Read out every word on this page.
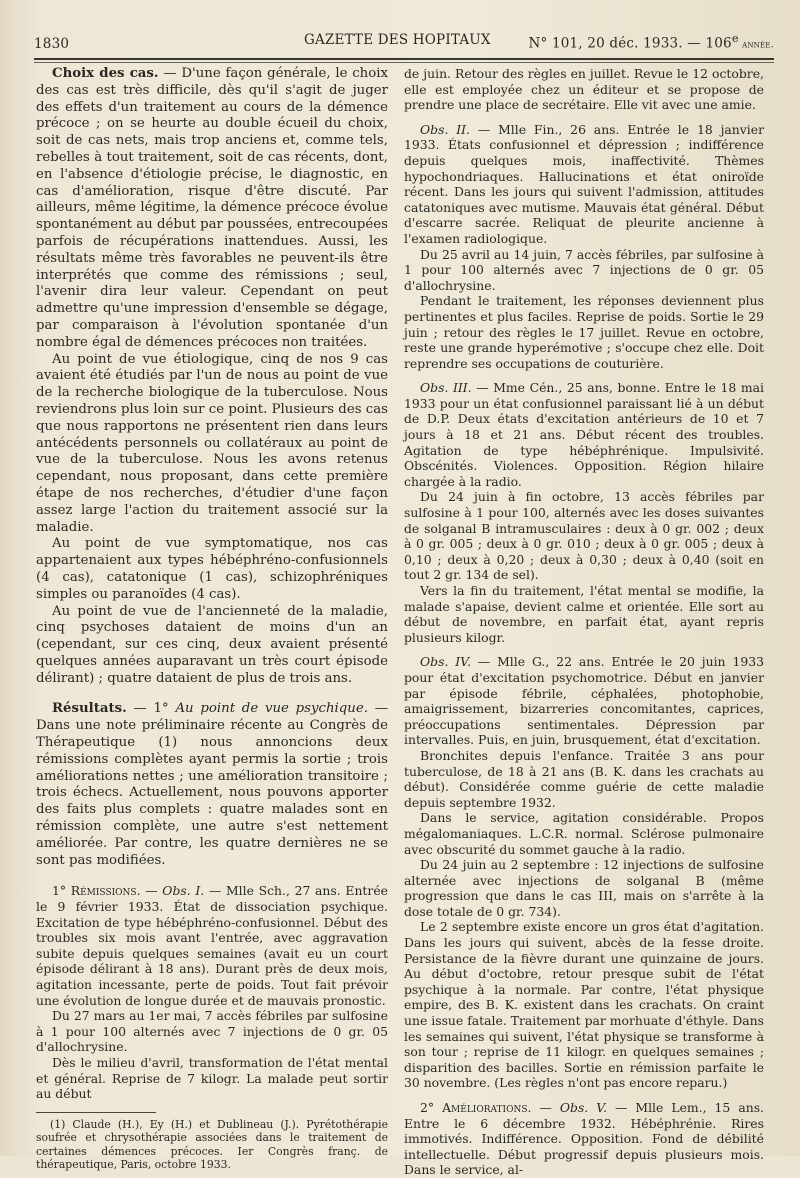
1830	GAZETTE DES HOPITAUX	N° 101, 20 déc. 1933. — 106e année.

Choix des cas. — D'une façon générale, le choix des cas est très difficile, dès qu'il s'agit de juger des effets d'un traitement au cours de la démence précoce ; on se heurte au double écueil du choix, soit de cas nets, mais trop anciens et, comme tels, rebelles à tout traitement, soit de cas récents, dont, en l'absence d'étiologie précise, le diagnostic, en cas d'amélioration, risque d'être discuté. Par ailleurs, même légitime, la démence précoce évolue spontanément au début par poussées, entrecoupées parfois de récupérations inattendues. Aussi, les résultats même très favorables ne peuvent-ils être interprétés que comme des rémissions ; seul, l'avenir dira leur valeur. Cependant on peut admettre qu'une impression d'ensemble se dégage, par comparaison à l'évolution spontanée d'un nombre égal de démences précoces non traitées.

Au point de vue étiologique, cinq de nos 9 cas avaient été étudiés par l'un de nous au point de vue de la recherche biologique de la tuberculose. Nous reviendrons plus loin sur ce point. Plusieurs des cas que nous rapportons ne présentent rien dans leurs antécédents personnels ou collatéraux au point de vue de la tuberculose. Nous les avons retenus cependant, nous proposant, dans cette première étape de nos recherches, d'étudier d'une façon assez large l'action du traitement associé sur la maladie.

Au point de vue symptomatique, nos cas appartenaient aux types hébéphréno-confusionnels (4 cas), catatonique (1 cas), schizophréniques simples ou paranoïdes (4 cas).

Au point de vue de l'ancienneté de la maladie, cinq psychoses dataient de moins d'un an (cependant, sur ces cinq, deux avaient présenté quelques années auparavant un très court épisode délirant) ; quatre dataient de plus de trois ans.

Résultats. — 1° Au point de vue psychique. — Dans une note préliminaire récente au Congrès de Thérapeutique (1) nous annoncions deux rémissions complètes ayant permis la sortie ; trois améliorations nettes ; une amélioration transitoire ; trois échecs. Actuellement, nous pouvons apporter des faits plus complets : quatre malades sont en rémission complète, une autre s'est nettement améliorée. Par contre, les quatre dernières ne se sont pas modifiées.

1° Rémissions. — Obs. I. — Mlle Sch., 27 ans. Entrée le 9 février 1933. État de dissociation psychique. Excitation de type hébéphréno-confusionnel. Début des troubles six mois avant l'entrée, avec aggravation subite depuis quelques semaines (avait eu un court épisode délirant à 18 ans). Durant près de deux mois, agitation incessante, perte de poids. Tout fait prévoir une évolution de longue durée et de mauvais pronostic.

Du 27 mars au 1er mai, 7 accès fébriles par sulfosine à 1 pour 100 alternés avec 7 injections de 0 gr. 05 d'allochrysine.

Dès le milieu d'avril, transformation de l'état mental et général. Reprise de 7 kilogr. La malade peut sortir au début

(1) Claude (H.), Ey (H.) et Dublineau (J.). Pyrétothérapie soufrée et chrysothérapie associées dans le traitement de certaines démences précoces. Ier Congrès franç. de thérapeutique, Paris, octobre 1933.

de juin. Retour des règles en juillet. Revue le 12 octobre, elle est employée chez un éditeur et se propose de prendre une place de secrétaire. Elle vit avec une amie.

Obs. II. — Mlle Fin., 26 ans. Entrée le 18 janvier 1933. États confusionnel et dépression ; indifférence depuis quelques mois, inaffectivité. Thèmes hypochondriaques. Hallucinations et état oniroïde récent. Dans les jours qui suivent l'admission, attitudes catatoniques avec mutisme. Mauvais état général. Début d'escarre sacrée. Reliquat de pleurite ancienne à l'examen radiologique.

Du 25 avril au 14 juin, 7 accès fébriles, par sulfosine à 1 pour 100 alternés avec 7 injections de 0 gr. 05 d'allochrysine.

Pendant le traitement, les réponses deviennent plus pertinentes et plus faciles. Reprise de poids. Sortie le 29 juin ; retour des règles le 17 juillet. Revue en octobre, reste une grande hyperémotive ; s'occupe chez elle. Doit reprendre ses occupations de couturière.

Obs. III. — Mme Cén., 25 ans, bonne. Entre le 18 mai 1933 pour un état confusionnel paraissant lié à un début de D.P. Deux états d'excitation antérieurs de 10 et 7 jours à 18 et 21 ans. Début récent des troubles. Agitation de type hébéphrénique. Impulsivité. Obscénités. Violences. Opposition. Région hilaire chargée à la radio.

Du 24 juin à fin octobre, 13 accès fébriles par sulfosine à 1 pour 100, alternés avec les doses suivantes de solganal B intramusculaires : deux à 0 gr. 002 ; deux à 0 gr. 005 ; deux à 0 gr. 010 ; deux à 0 gr. 005 ; deux à 0,10 ; deux à 0,20 ; deux à 0,30 ; deux à 0,40 (soit en tout 2 gr. 134 de sel).

Vers la fin du traitement, l'état mental se modifie, la malade s'apaise, devient calme et orientée. Elle sort au début de novembre, en parfait état, ayant repris plusieurs kilogr.

Obs. IV. — Mlle G., 22 ans. Entrée le 20 juin 1933 pour état d'excitation psychomotrice. Début en janvier par épisode fébrile, céphalées, photophobie, amaigrissement, bizarreries concomitantes, caprices, préoccupations sentimentales. Dépression par intervalles. Puis, en juin, brusquement, état d'excitation.

Bronchites depuis l'enfance. Traitée 3 ans pour tuberculose, de 18 à 21 ans (B. K. dans les crachats au début). Considérée comme guérie de cette maladie depuis septembre 1932.

Dans le service, agitation considérable. Propos mégalomaniaques. L.C.R. normal. Sclérose pulmonaire avec obscurité du sommet gauche à la radio.

Du 24 juin au 2 septembre : 12 injections de sulfosine alternée avec injections de solganal B (même progression que dans le cas III, mais on s'arrête à la dose totale de 0 gr. 734).

Le 2 septembre existe encore un gros état d'agitation. Dans les jours qui suivent, abcès de la fesse droite. Persistance de la fièvre durant une quinzaine de jours. Au début d'octobre, retour presque subit de l'état psychique à la normale. Par contre, l'état physique empire, des B. K. existent dans les crachats. On craint une issue fatale. Traitement par morhuate d'éthyle. Dans les semaines qui suivent, l'état physique se transforme à son tour ; reprise de 11 kilogr. en quelques semaines ; disparition des bacilles. Sortie en rémission parfaite le 30 novembre. (Les règles n'ont pas encore reparu.)

2° Améliorations. — Obs. V. — Mlle Lem., 15 ans. Entre le 6 décembre 1932. Hébéphrénie. Rires immotivés. Indifférence. Opposition. Fond de débilité intellectuelle. Début progressif depuis plusieurs mois. Dans le service, al-
